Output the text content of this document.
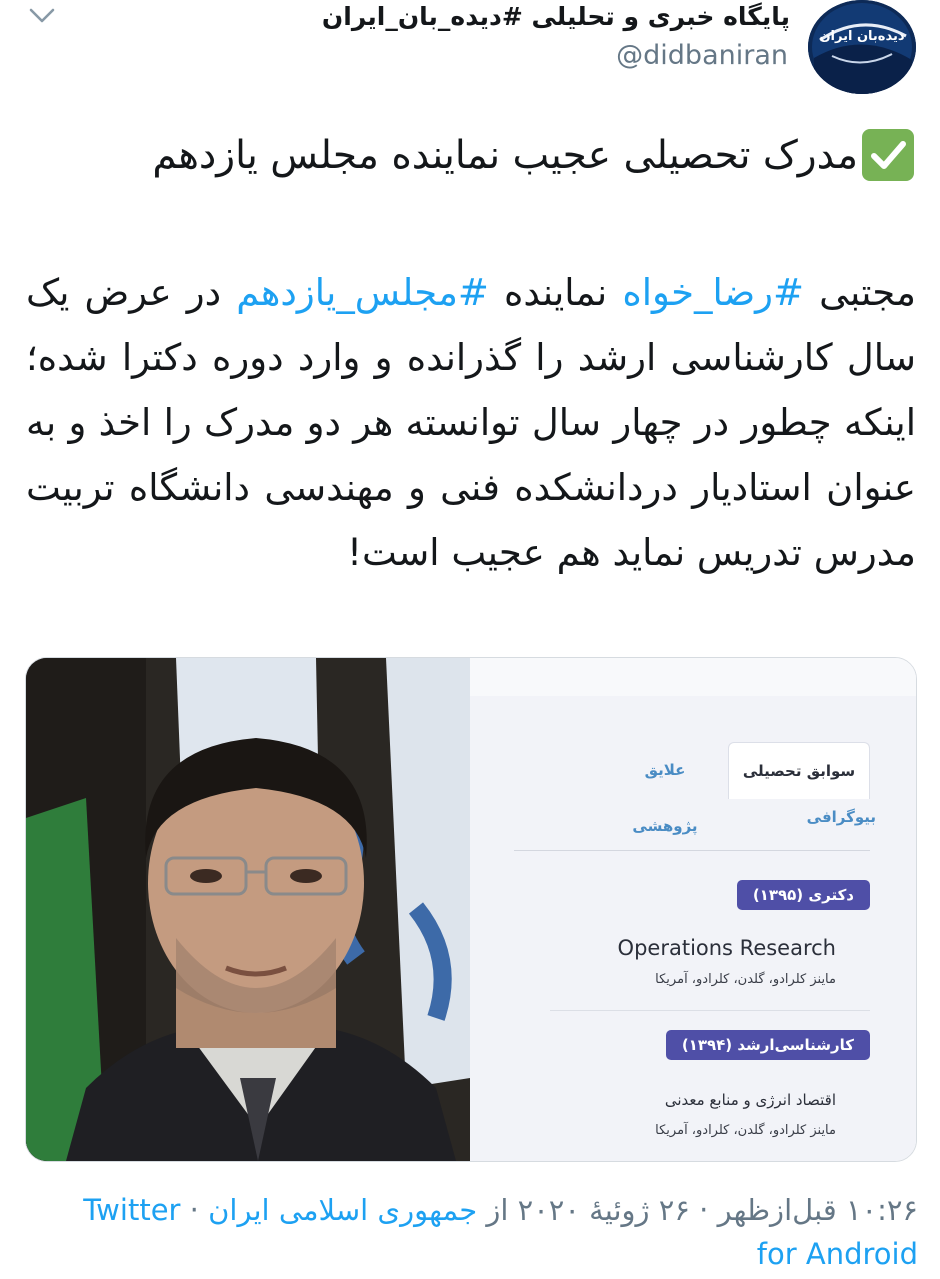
دیده‌بان ایران
پایگاه خبری و تحلیلی #دیده_بان_ایران
@didbaniran
مدرک تحصیلی عجیب نماینده مجلس یازدهم
مجتبی #رضا_خواه نماینده #مجلس_یازدهم در عرض یک سال کارشناسی ارشد را گذرانده و وارد دوره دکترا شده؛ اینکه چطور در چهار سال توانسته هر دو مدرک را اخذ و به عنوان استادیار دردانشکده فنی و مهندسی دانشگاه تربیت مدرس تدریس نماید هم عجیب است!
سوابق تحصیلی
علایق پژوهشی	بیوگرافی
دکتری (۱۳۹۵)
Operations Research
ماینز کلرادو، گلدن، کلرادو، آمریکا
کارشناسی‌ارشد (۱۳۹۴)
اقتصاد انرژی و منابع معدنی
ماینز کلرادو، گلدن، کلرادو، آمریکا
۱۰:۲۶ قبل‌ازظهر · ۲۶ ژوئیهٔ ۲۰۲۰ از جمهوری اسلامی ایران · Twitter for Android
